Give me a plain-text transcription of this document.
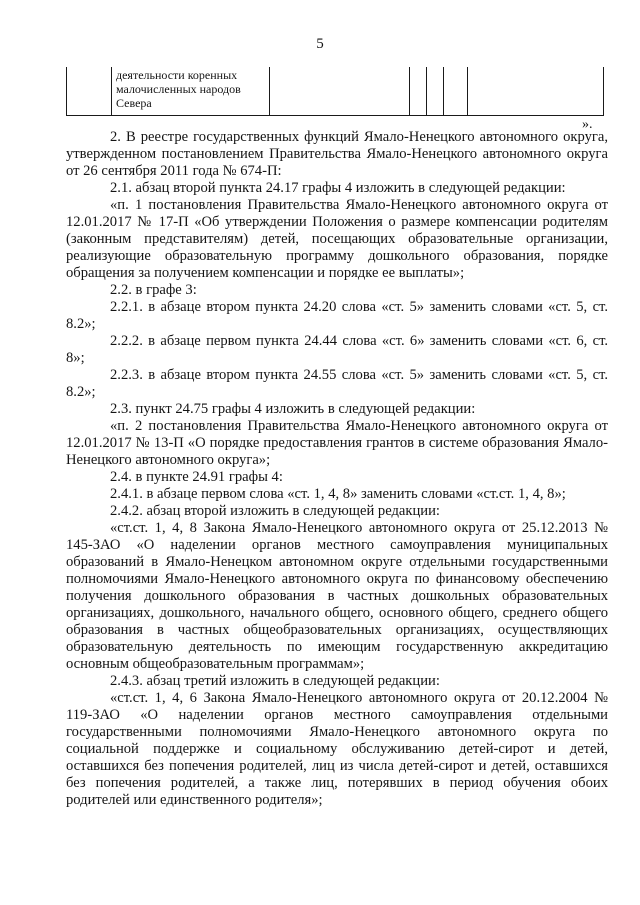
5

деятельности коренных
малочисленных народов
Севера

».

2. В реестре государственных функций Ямало-Ненецкого автономного округа, утвержденном постановлением Правительства Ямало-Ненецкого автономного округа от 26 сентября 2011 года № 674-П:

2.1. абзац второй пункта 24.17 графы 4 изложить в следующей редакции:

«п. 1 постановления Правительства Ямало-Ненецкого автономного округа от 12.01.2017 № 17-П «Об утверждении Положения о размере компенсации родителям (законным представителям) детей, посещающих образовательные организации, реализующие образовательную программу дошкольного образования, порядке обращения за получением компенсации и порядке ее выплаты»;

2.2. в графе 3:

2.2.1. в абзаце втором пункта 24.20 слова «ст. 5» заменить словами «ст. 5, ст. 8.2»;

2.2.2. в абзаце первом пункта 24.44 слова «ст. 6» заменить словами «ст. 6, ст. 8»;

2.2.3. в абзаце втором пункта 24.55 слова «ст. 5» заменить словами «ст. 5, ст. 8.2»;

2.3. пункт 24.75 графы 4 изложить в следующей редакции:

«п. 2 постановления Правительства Ямало-Ненецкого автономного округа от 12.01.2017 № 13-П «О порядке предоставления грантов в системе образования Ямало-Ненецкого автономного округа»;

2.4. в пункте 24.91 графы 4:

2.4.1. в абзаце первом слова «ст. 1, 4, 8» заменить словами «ст.ст. 1, 4, 8»;

2.4.2. абзац второй изложить в следующей редакции:

«ст.ст. 1, 4, 8 Закона Ямало-Ненецкого автономного округа от 25.12.2013 № 145-ЗАО «О наделении органов местного самоуправления муниципальных образований в Ямало-Ненецком автономном округе отдельными государственными полномочиями Ямало-Ненецкого автономного округа по финансовому обеспечению получения дошкольного образования в частных дошкольных образовательных организациях, дошкольного, начального общего, основного общего, среднего общего образования в частных общеобразовательных организациях, осуществляющих образовательную деятельность по имеющим государственную аккредитацию основным общеобразовательным программам»;

2.4.3. абзац третий изложить в следующей редакции:

«ст.ст. 1, 4, 6 Закона Ямало-Ненецкого автономного округа от 20.12.2004 № 119-ЗАО «О наделении органов местного самоуправления отдельными государственными полномочиями Ямало-Ненецкого автономного округа по социальной поддержке и социальному обслуживанию детей-сирот и детей, оставшихся без попечения родителей, лиц из числа детей-сирот и детей, оставшихся без попечения родителей, а также лиц, потерявших в период обучения обоих родителей или единственного родителя»;
